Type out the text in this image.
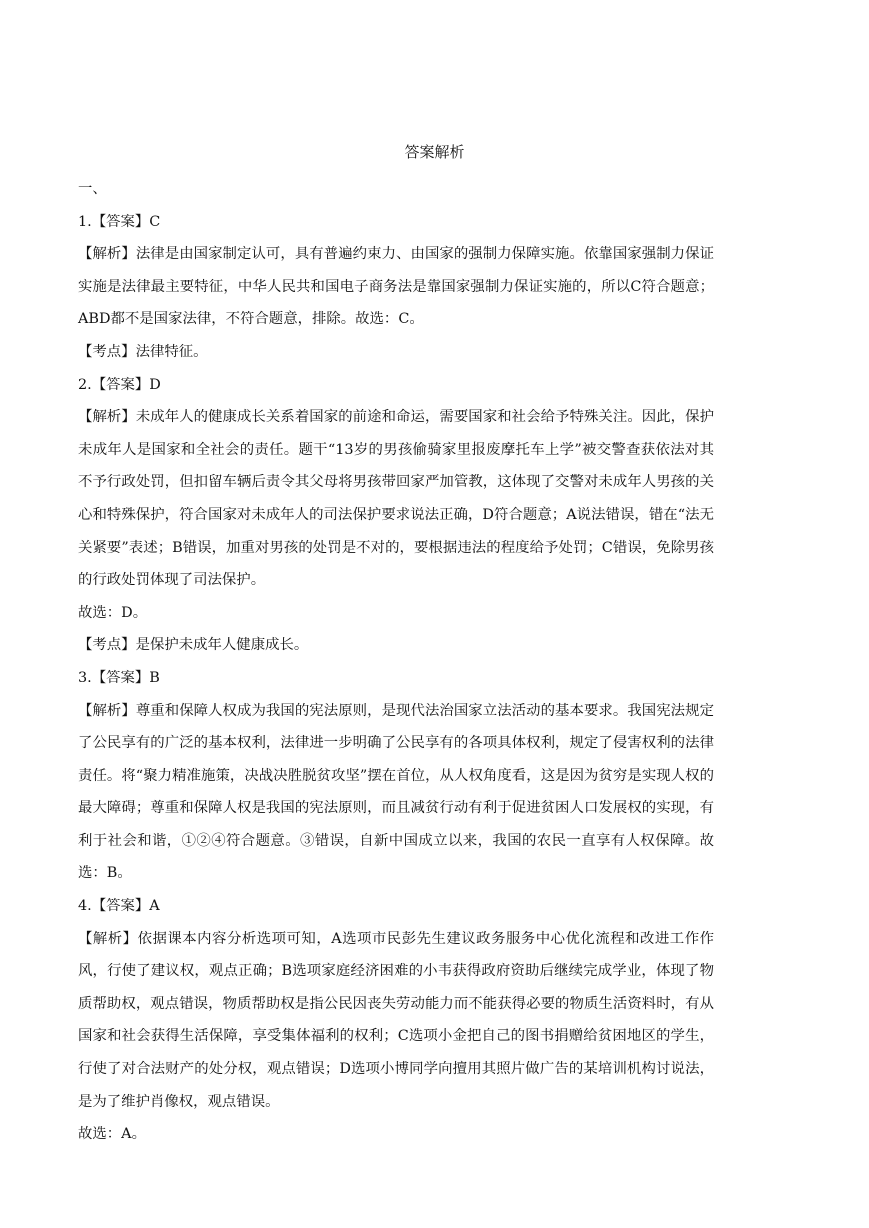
答案解析
一、
1.【答案】C
【解析】法律是由国家制定认可，具有普遍约束力、由国家的强制力保障实施。依靠国家强制力保证实施是法律最主要特征，中华人民共和国电子商务法是靠国家强制力保证实施的，所以C符合题意；ABD都不是国家法律，不符合题意，排除。故选：C。
【考点】法律特征。
2.【答案】D
【解析】未成年人的健康成长关系着国家的前途和命运，需要国家和社会给予特殊关注。因此，保护未成年人是国家和全社会的责任。题干“13岁的男孩偷骑家里报废摩托车上学”被交警查获依法对其不予行政处罚，但扣留车辆后责令其父母将男孩带回家严加管教，这体现了交警对未成年人男孩的关心和特殊保护，符合国家对未成年人的司法保护要求说法正确，D符合题意；A说法错误，错在“法无关紧要”表述；B错误，加重对男孩的处罚是不对的，要根据违法的程度给予处罚；C错误，免除男孩的行政处罚体现了司法保护。
故选：D。
【考点】是保护未成年人健康成长。
3.【答案】B
【解析】尊重和保障人权成为我国的宪法原则，是现代法治国家立法活动的基本要求。我国宪法规定了公民享有的广泛的基本权利，法律进一步明确了公民享有的各项具体权利，规定了侵害权利的法律责任。将“聚力精准施策，决战决胜脱贫攻坚”摆在首位，从人权角度看，这是因为贫穷是实现人权的最大障碍；尊重和保障人权是我国的宪法原则，而且减贫行动有利于促进贫困人口发展权的实现，有利于社会和谐，①②④符合题意。③错误，自新中国成立以来，我国的农民一直享有人权保障。故选：B。
4.【答案】A
【解析】依据课本内容分析选项可知，A选项市民彭先生建议政务服务中心优化流程和改进工作作风，行使了建议权，观点正确；B选项家庭经济困难的小韦获得政府资助后继续完成学业，体现了物质帮助权，观点错误，物质帮助权是指公民因丧失劳动能力而不能获得必要的物质生活资料时，有从国家和社会获得生活保障，享受集体福利的权利；C选项小金把自己的图书捐赠给贫困地区的学生，行使了对合法财产的处分权，观点错误；D选项小博同学向擅用其照片做广告的某培训机构讨说法，是为了维护肖像权，观点错误。
故选：A。
